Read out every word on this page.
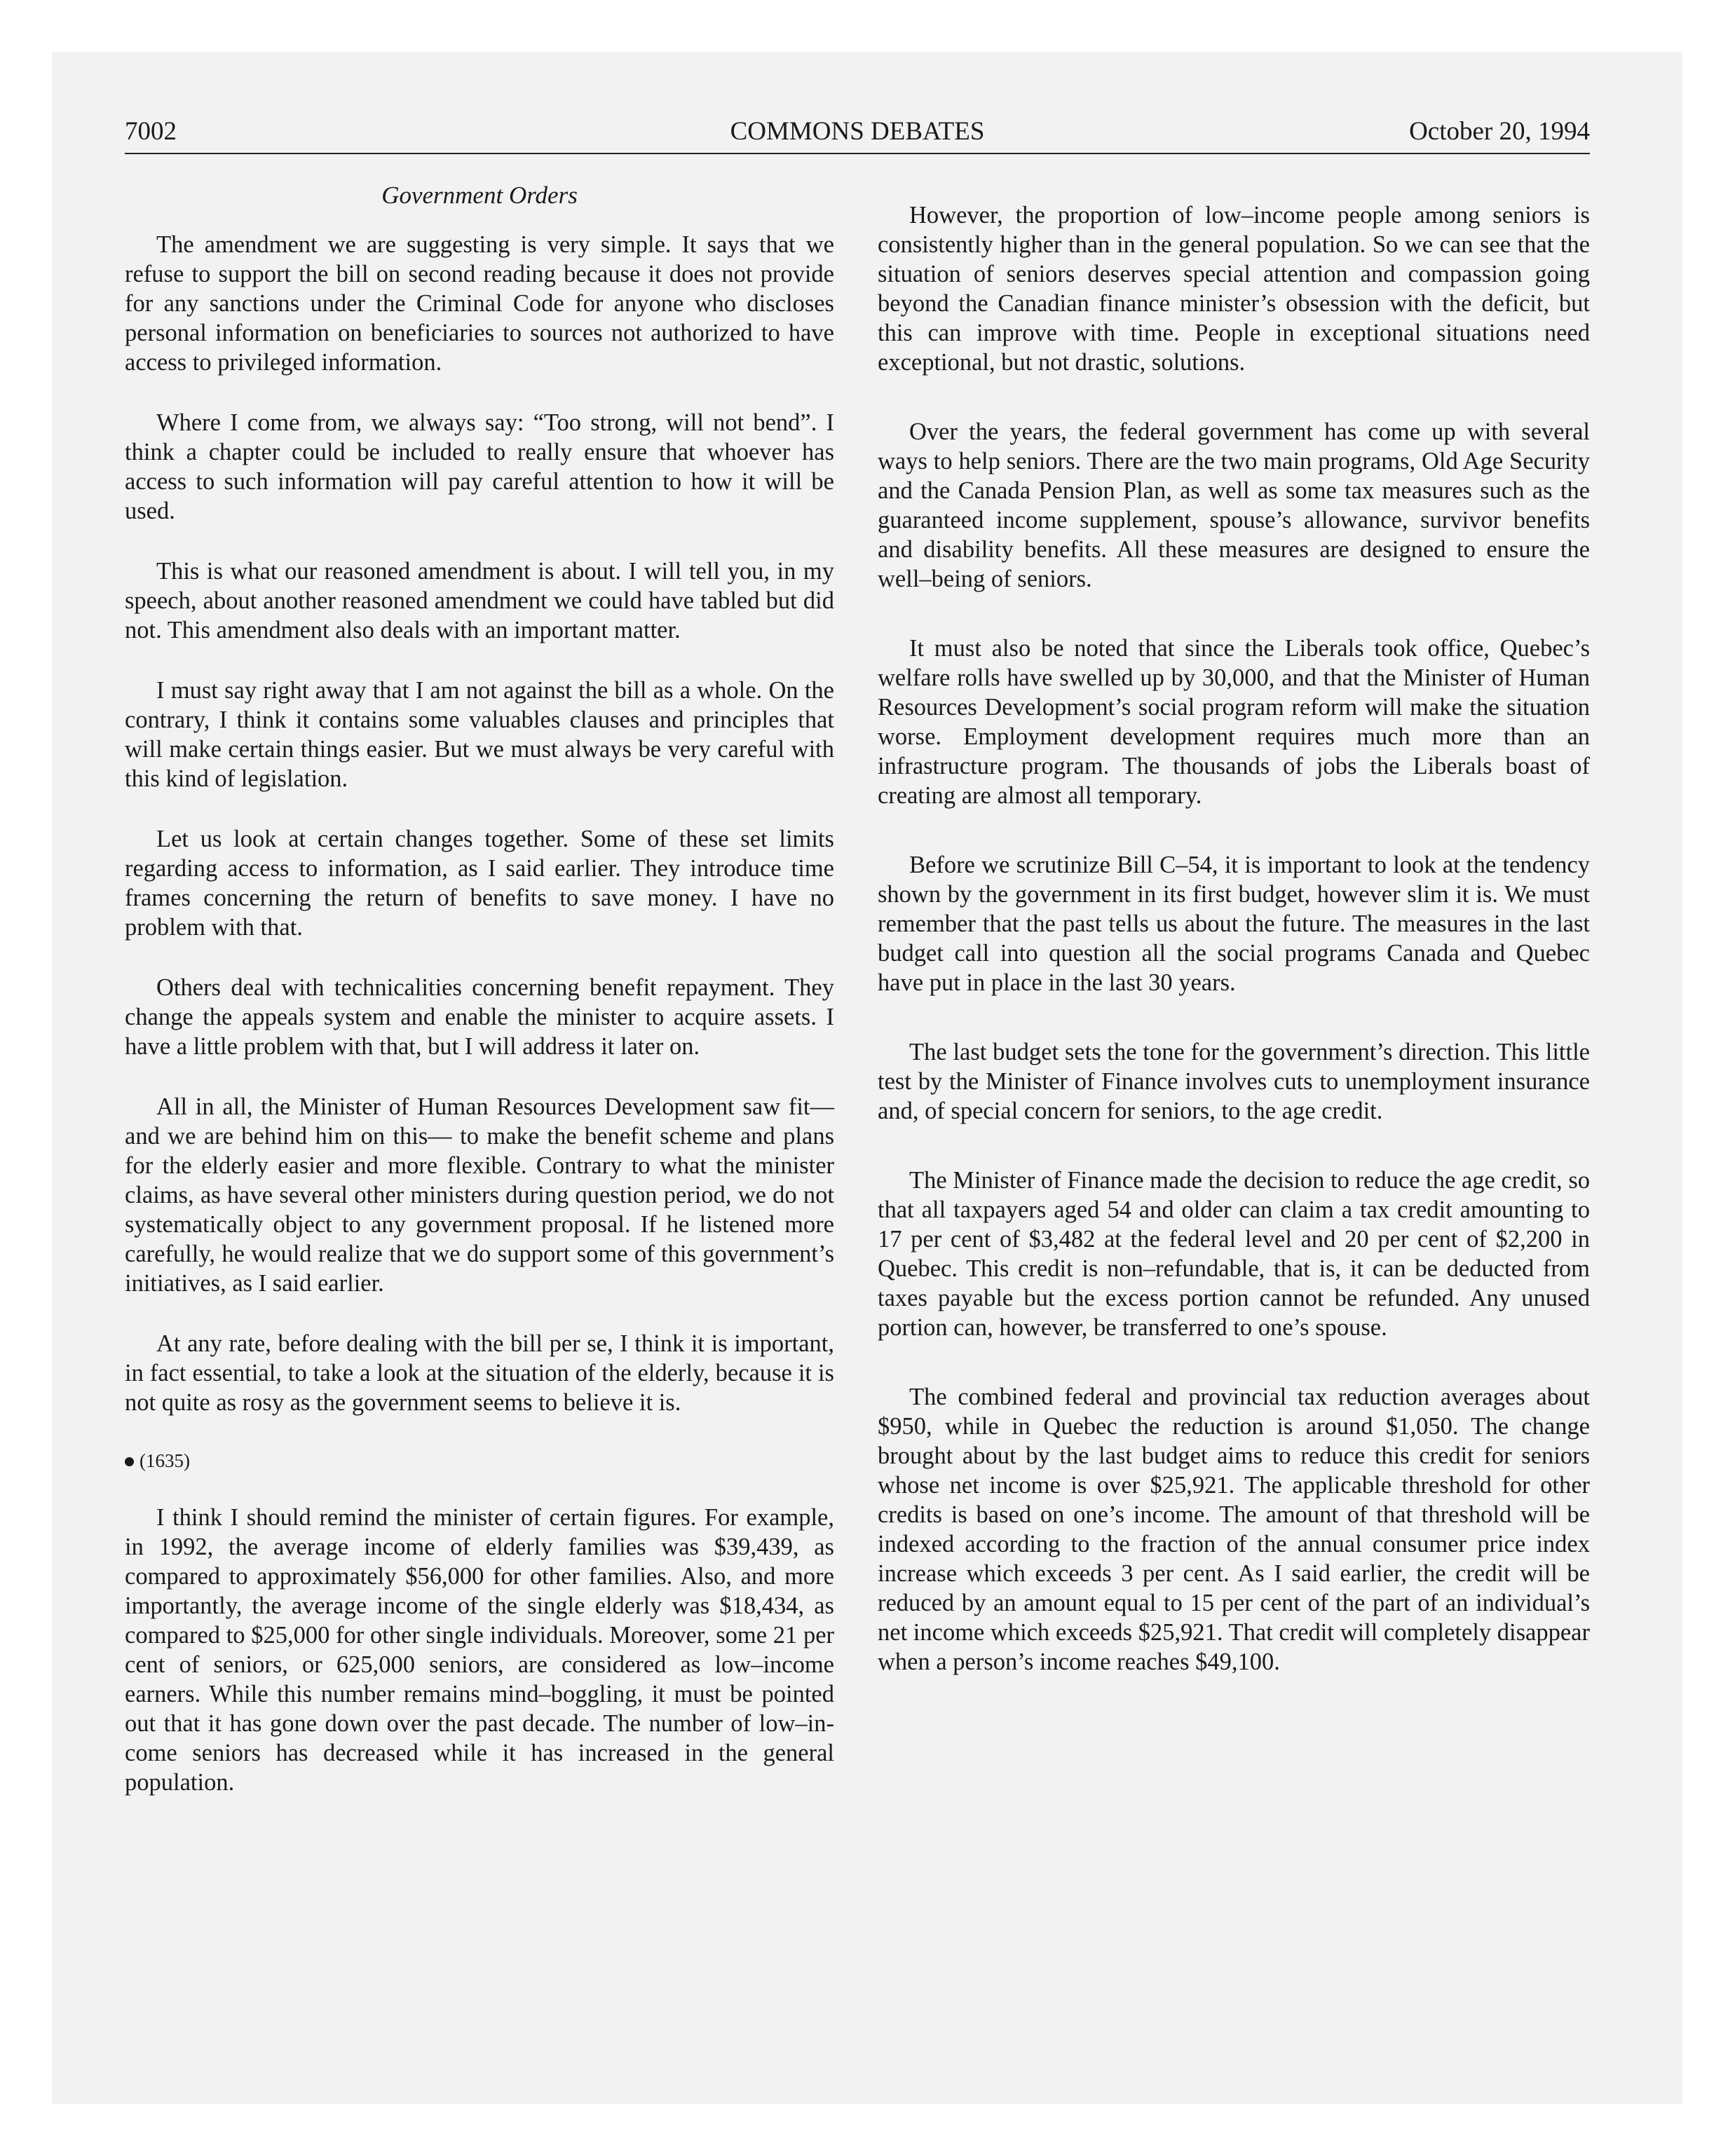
7002	COMMONS DEBATES	October 20, 1994
Government Orders

The amendment we are suggesting is very simple. It says that we refuse to support the bill on second reading because it does not provide for any sanctions under the Criminal Code for anyone who discloses personal information on beneficiaries to sources not authorized to have access to privileged information.

Where I come from, we always say: “Too strong, will not bend”. I think a chapter could be included to really ensure that whoever has access to such information will pay careful attention to how it will be used.

This is what our reasoned amendment is about. I will tell you, in my speech, about another reasoned amendment we could have tabled but did not. This amendment also deals with an important matter.

I must say right away that I am not against the bill as a whole. On the contrary, I think it contains some valuables clauses and principles that will make certain things easier. But we must always be very careful with this kind of legislation.

Let us look at certain changes together. Some of these set limits regarding access to information, as I said earlier. They introduce time frames concerning the return of benefits to save money. I have no problem with that.

Others deal with technicalities concerning benefit repayment. They change the appeals system and enable the minister to acquire assets. I have a little problem with that, but I will address it later on.

All in all, the Minister of Human Resources Development saw fit—and we are behind him on this— to make the benefit scheme and plans for the elderly easier and more flexible. Contrary to what the minister claims, as have several other ministers during question period, we do not systematically object to any government proposal. If he listened more carefully, he would realize that we do support some of this government’s initiatives, as I said earlier.

At any rate, before dealing with the bill per se, I think it is important, in fact essential, to take a look at the situation of the elderly, because it is not quite as rosy as the government seems to believe it is.

(1635)

I think I should remind the minister of certain figures. For example, in 1992, the average income of elderly families was $39,439, as compared to approximately $56,000 for other families. Also, and more importantly, the average income of the single elderly was $18,434, as compared to $25,000 for other single individuals. Moreover, some 21 per cent of seniors, or 625,000 seniors, are considered as low–income earners. While this number remains mind–boggling, it must be pointed out that it has gone down over the past decade. The number of low–income seniors has decreased while it has increased in the general population.

However, the proportion of low–income people among seniors is consistently higher than in the general population. So we can see that the situation of seniors deserves special attention and compassion going beyond the Canadian finance minister’s obsession with the deficit, but this can improve with time. People in exceptional situations need exceptional, but not drastic, solutions.

Over the years, the federal government has come up with several ways to help seniors. There are the two main programs, Old Age Security and the Canada Pension Plan, as well as some tax measures such as the guaranteed income supplement, spouse’s allowance, survivor benefits and disability benefits. All these measures are designed to ensure the well–being of seniors.

It must also be noted that since the Liberals took office, Quebec’s welfare rolls have swelled up by 30,000, and that the Minister of Human Resources Development’s social program reform will make the situation worse. Employment development requires much more than an infrastructure program. The thousands of jobs the Liberals boast of creating are almost all temporary.

Before we scrutinize Bill C–54, it is important to look at the tendency shown by the government in its first budget, however slim it is. We must remember that the past tells us about the future. The measures in the last budget call into question all the social programs Canada and Quebec have put in place in the last 30 years.

The last budget sets the tone for the government’s direction. This little test by the Minister of Finance involves cuts to unemployment insurance and, of special concern for seniors, to the age credit.

The Minister of Finance made the decision to reduce the age credit, so that all taxpayers aged 54 and older can claim a tax credit amounting to 17 per cent of $3,482 at the federal level and 20 per cent of $2,200 in Quebec. This credit is non–refundable, that is, it can be deducted from taxes payable but the excess portion cannot be refunded. Any unused portion can, however, be transferred to one’s spouse.

The combined federal and provincial tax reduction averages about $950, while in Quebec the reduction is around $1,050. The change brought about by the last budget aims to reduce this credit for seniors whose net income is over $25,921. The applicable threshold for other credits is based on one’s income. The amount of that threshold will be indexed according to the fraction of the annual consumer price index increase which exceeds 3 per cent. As I said earlier, the credit will be reduced by an amount equal to 15 per cent of the part of an individual’s net income which exceeds $25,921. That credit will completely disappear when a person’s income reaches $49,100.
